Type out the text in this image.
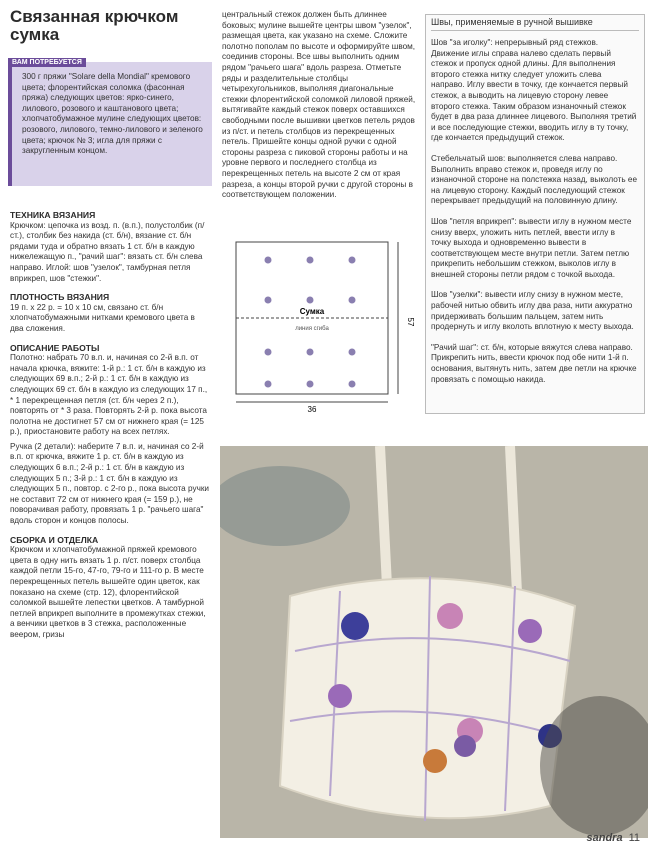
Связанная крючком сумка
ВАМ ПОТРЕБУЕТСЯ
300 г пряжи "Solare della Mondial" кремового цвета; флорентийская соломка (фасонная пряжа) следующих цветов: ярко-синего, лилового, розового и каштанового цвета; хлопчатобумажное мулине следующих цветов: розового, лилового, темно-лилового и зеленого цвета; крючок № 3; игла для пряжи с закругленным концом.

ТЕХНИКА ВЯЗАНИЯ

Крючком: цепочка из возд. п. (в.п.), полустолбик (п/ст.), столбик без накида (ст. б/н), вязание ст. б/н рядами туда и обратно вязать 1 ст. б/н в каждую нижележащую п., "рачий шаг": вязать ст. б/н слева направо. Иглой: шов "узелок", тамбурная петля вприкреп, шов "стежки".

ПЛОТНОСТЬ ВЯЗАНИЯ

19 п. x 22 р. = 10 x 10 см, связано ст. б/н хлопчатобумажными нитками кремового цвета в два сложения.

ОПИСАНИЕ РАБОТЫ

Полотно: набрать 70 в.п. и, начиная со 2-й в.п. от начала крючка, вяжите: 1-й р.: 1 ст. б/н в каждую из следующих 69 в.п.; 2-й р.: 1 ст. б/н в каждую из следующих 69 ст. б/н в каждую из следующих 17 п., * 1 перекрещенная петля (ст. б/н через 2 п.), повторять от * 3 раза. Повторять 2-й р. пока высота полотна не достигнет 57 см от нижнего края (= 125 р.), приостановите работу на всех петлях.

Ручка (2 детали): наберите 7 в.п. и, начиная со 2-й в.п. от крючка, вяжите 1 р. ст. б/н в каждую из следующих 6 в.п.; 2-й р.: 1 ст. б/н в каждую из следующих 5 п.; 3-й р.: 1 ст. б/н в каждую из следующих 5 п., повтор. с 2-го р., пока высота ручки не составит 72 см от нижнего края (= 159 р.), не поворачивая работу, провязать 1 р. "рачьего шага" вдоль сторон и концов полосы.

СБОРКА И ОТДЕЛКА

Крючком и хлопчатобумажной пряжей кремового цвета в одну нить вязать 1 р. п/ст. поверх столбца каждой петли 15-го, 47-го, 79-го и 111-го р. В месте перекрещенных петель вышейте один цветок, как показано на схеме (стр. 12), флорентийской соломкой вышейте лепестки цветков. А тамбурной петлей вприкреп выполните в промежутках стежки, а венчики цветков в 3 стежка, расположенные веером, гризы

центральный стежок должен быть длиннее боковых; мулине вышейте центры швом "узелок", размещая цвета, как указано на схеме. Сложите полотно пополам по высоте и оформируйте швом, соединив стороны. Все швы выполнить одним рядом "рачьего шага" вдоль разреза. Отметьте ряды и разделительные столбцы четырехугольников, выполняя диагональные стежки флорентийской соломкой лиловой пряжей, вытягивайте каждый стежок поверх оставшихся свободными после вышивки цветков петель рядов из п/ст. и петель столбцов из перекрещенных петель. Пришейте концы одной ручки с одной стороны разреза с пиковой стороны работы и на уровне первого и последнего столбца из перекрещенных петель на высоте 2 см от края разреза, а концы второй ручки с другой стороны в соответствующем положении.
Швы, применяемые в ручной вышивке

Шов "за иголку": непрерывный ряд стежков. Движение иглы справа налево сделать первый стежок и пропуск одной длины. Для выполнения второго стежка нитку следует уложить слева направо. Иглу ввести в точку, где кончается первый стежок, а выводить на лицевую сторону левее второго стежка. Таким образом изнаночный стежок будет в два раза длиннее лицевого. Выполняя третий и все последующие стежки, вводить иглу в ту точку, где кончается предыдущий стежок.

Стебельчатый шов: выполняется слева направо. Выполнить вправо стежок и, проведя иглу по изнаночной стороне на полстежка назад, выколоть ее на лицевую сторону. Каждый последующий стежок перекрывает предыдущий на половинную длину.

Шов "петля вприкреп": вывести иглу в нужном месте снизу вверх, уложить нить петлей, ввести иглу в точку выхода и одновременно вывести в соответствующем месте внутри петли. Затем петлю прикрепить небольшим стежком, выколов иглу в внешней стороны петли рядом с точкой выхода.

Шов "узелки": вывести иглу снизу в нужном месте, рабочей нитью обвить иглу два раза, нити аккуратно придерживать большим пальцем, затем нить продернуть и иглу вколоть вплотную к месту выхода.

"Рачий шаг": ст. б/н, которые вяжутся слева направо. Прикрепить нить, ввести крючок под обе нити 1-й п. основания, вытянуть нить, затем две петли на крючке провязать с помощью накида.

Сумка
линия сгиба
36
57
sandra 11
